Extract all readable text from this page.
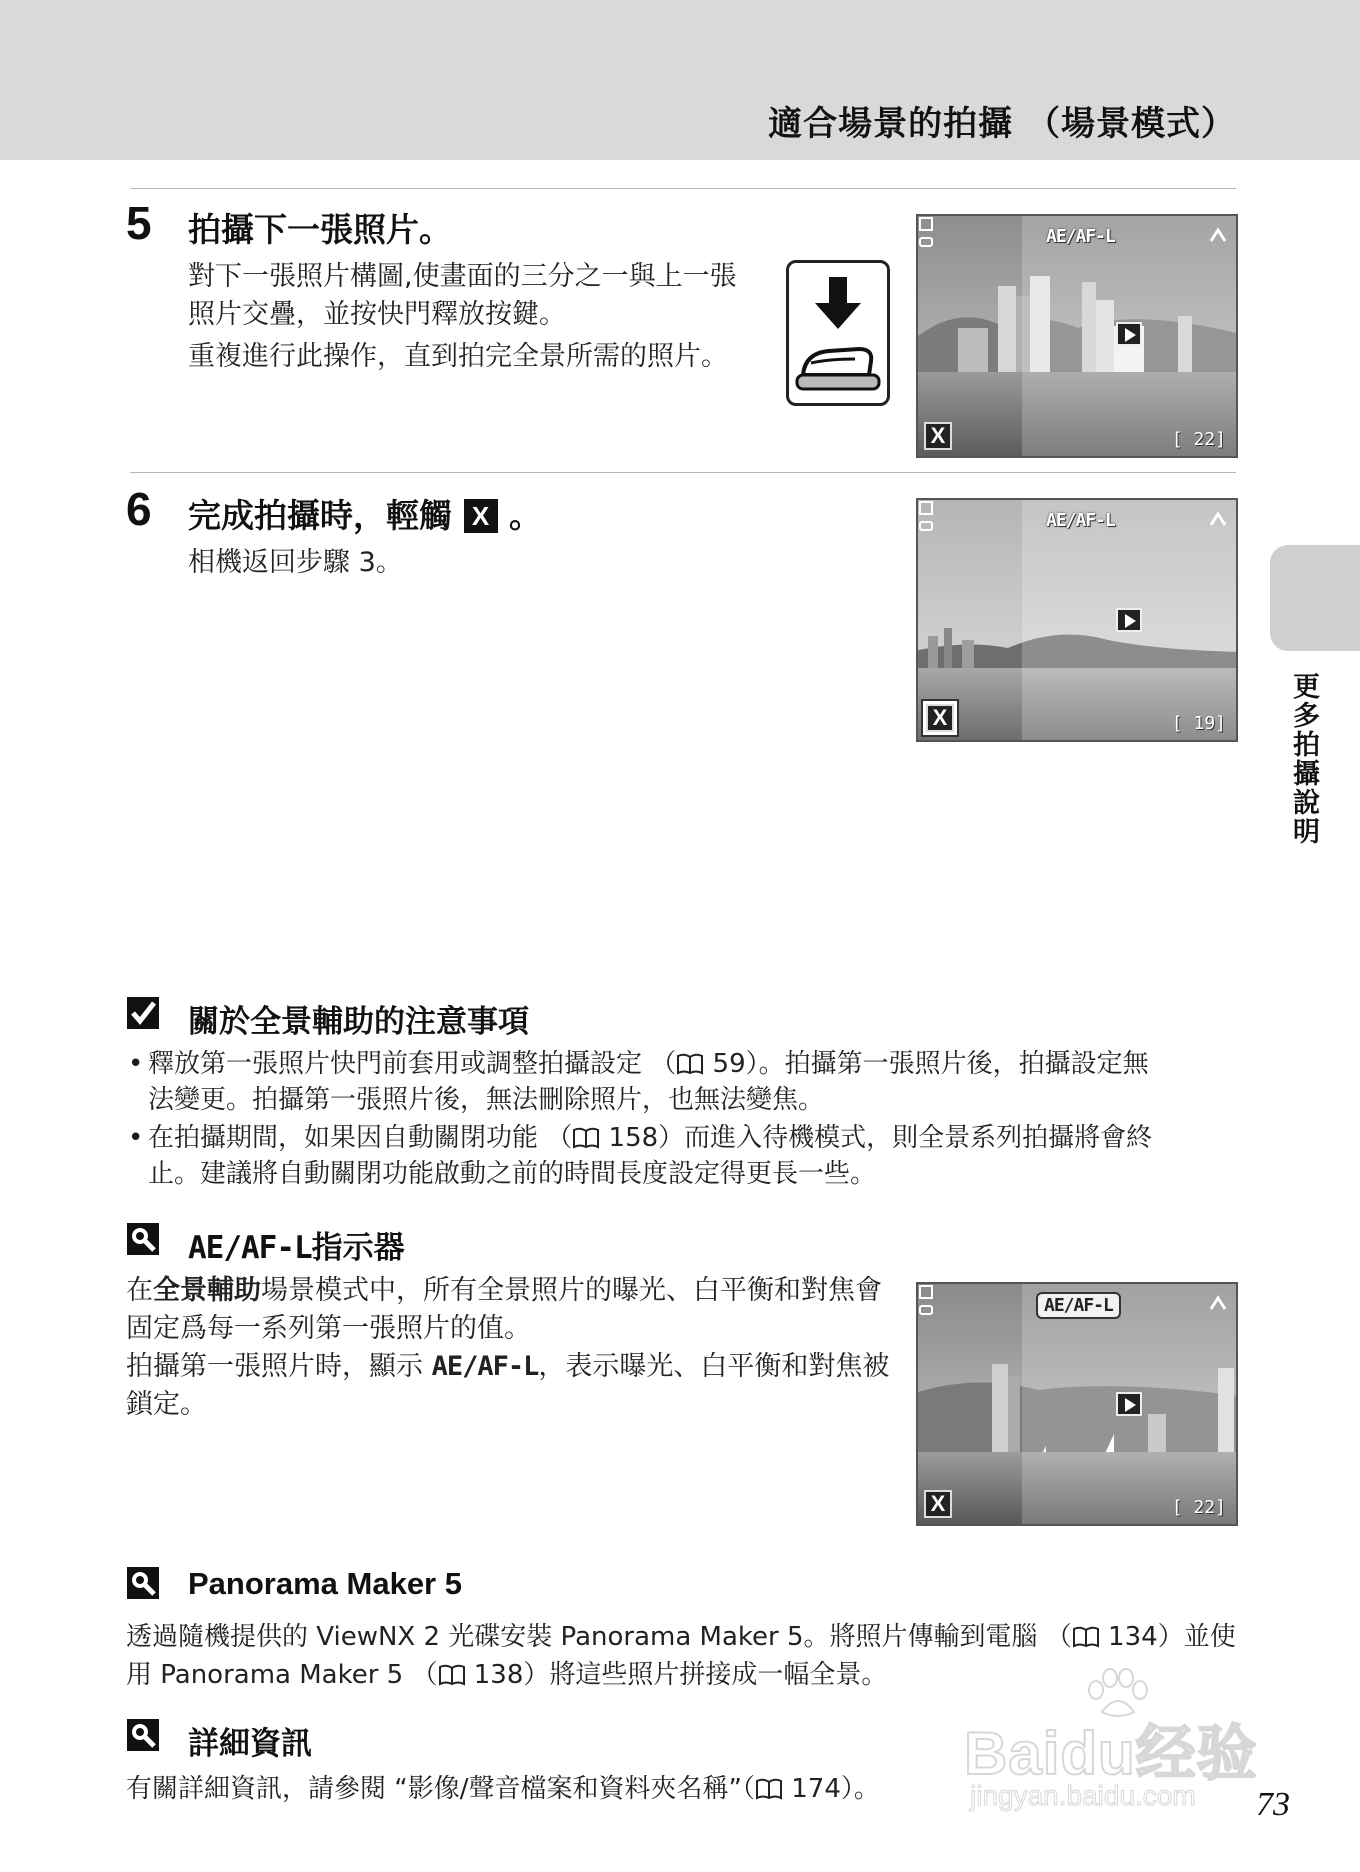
適合場景的拍攝 （場景模式）
5 拍攝下一張照片。
對下一張照片構圖,使畫面的三分之一與上一張照片交疊，並按快門釋放按鍵。
重複進行此操作，直到拍完全景所需的照片。
AE/AF-L
X	[ 22]
6 完成拍攝時，輕觸 X 。
相機返回步驟 3。
AE/AF-L
X	[ 19] 更多拍攝說明
關於全景輔助的注意事項
• 釋放第一張照片快門前套用或調整拍攝設定 （ 59）。拍攝第一張照片後，拍攝設定無
法變更。拍攝第一張照片後，無法刪除照片，也無法變焦。
• 在拍攝期間，如果因自動關閉功能 （ 158）而進入待機模式，則全景系列拍攝將會終
止。建議將自動關閉功能啟動之前的時間長度設定得更長一些。
AE/AF-L指示器
在全景輔助場景模式中，所有全景照片的曝光、白平衡和對焦會固定爲每一系列第一張照片的值。
拍攝第一張照片時，顯示 AE/AF-L，表示曝光、白平衡和對焦被鎖定。
AE/AF-L
X	[ 22]
Panorama Maker 5
透過隨機提供的 ViewNX 2 光碟安裝 Panorama Maker 5。將照片傳輸到電腦 （ 134）並使
用 Panorama Maker 5 （ 138）將這些照片拼接成一幅全景。
詳細資訊
有關詳細資訊，請參閱 “影像/聲音檔案和資料夾名稱”（ 174）。
Baidu经验
jingyan.baidu.com 73
